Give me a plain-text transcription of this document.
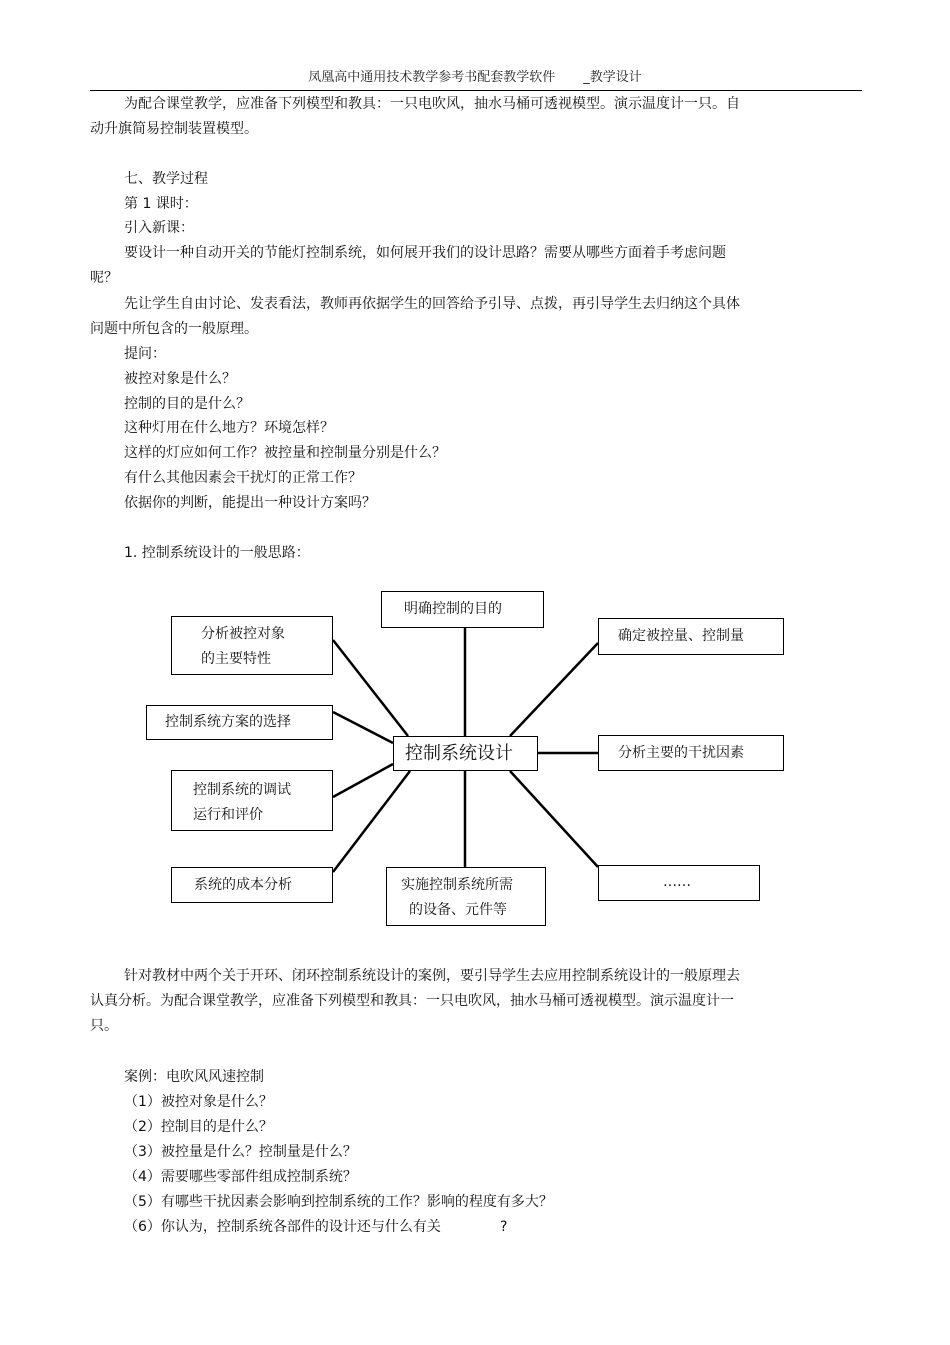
凤凰高中通用技术教学参考书配套教学软件 _教学设计
为配合课堂教学，应准备下列模型和教具：一只电吹风，抽水马桶可透视模型。演示温度计一只。自
动升旗简易控制装置模型。
七、教学过程
第 1 课时：
引入新课：
要设计一种自动开关的节能灯控制系统，如何展开我们的设计思路？需要从哪些方面着手考虑问题
呢？
先让学生自由讨论、发表看法，教师再依据学生的回答给予引导、点拨，再引导学生去归纳这个具体
问题中所包含的一般原理。
提问：
被控对象是什么？
控制的目的是什么？
这种灯用在什么地方？环境怎样？
这样的灯应如何工作？被控量和控制量分别是什么？
有什么其他因素会干扰灯的正常工作？
依据你的判断，能提出一种设计方案吗？
1. 控制系统设计的一般思路：
明确控制的目的
分析被控对象
的主要特性
控制系统方案的选择
控制系统的调试
运行和评价
系统的成本分析
控制系统设计
实施控制系统所需
的设备、元件等
确定被控量、控制量
分析主要的干扰因素
……
针对教材中两个关于开环、闭环控制系统设计的案例，要引导学生去应用控制系统设计的一般原理去
认真分析。为配合课堂教学，应准备下列模型和教具：一只电吹风，抽水马桶可透视模型。演示温度计一
只。
案例：电吹风风速控制
（1）被控对象是什么？
（2）控制目的是什么？
（3）被控量是什么？控制量是什么？
（4）需要哪些零部件组成控制系统？
（5）有哪些干扰因素会影响到控制系统的工作？影响的程度有多大？
（6）你认为，控制系统各部件的设计还与什么有关	?
